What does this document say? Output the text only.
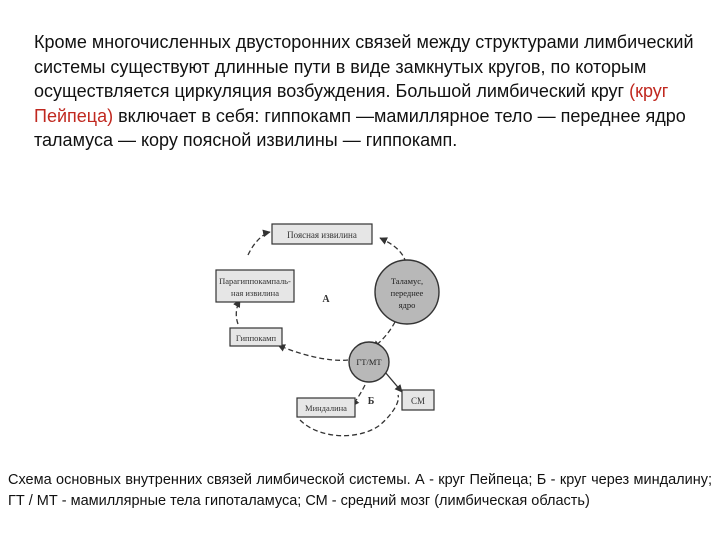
Кроме многочисленных двусторонних связей между структурами лимбический системы существуют длинные пути в виде замкнутых кругов, по которым осуществляется циркуляция возбуждения. Большой лимбический круг (круг Пейпеца) включает в себя: гиппокамп —мамиллярное тело — переднее ядро таламуса — кору поясной извилины — гиппокамп.

Поясная извилина
Парагиппокампаль-
ная извилина
Гиппокамп
Миндалина
СМ
Таламус,
переднее
ядро
ГТ/МТ
А
Б

Схема основных внутренних связей лимбической системы. А - круг Пейпеца; Б - круг через миндалину; ГТ / МТ - мамиллярные тела гипоталамуса; СМ - средний мозг (лимбическая область)
